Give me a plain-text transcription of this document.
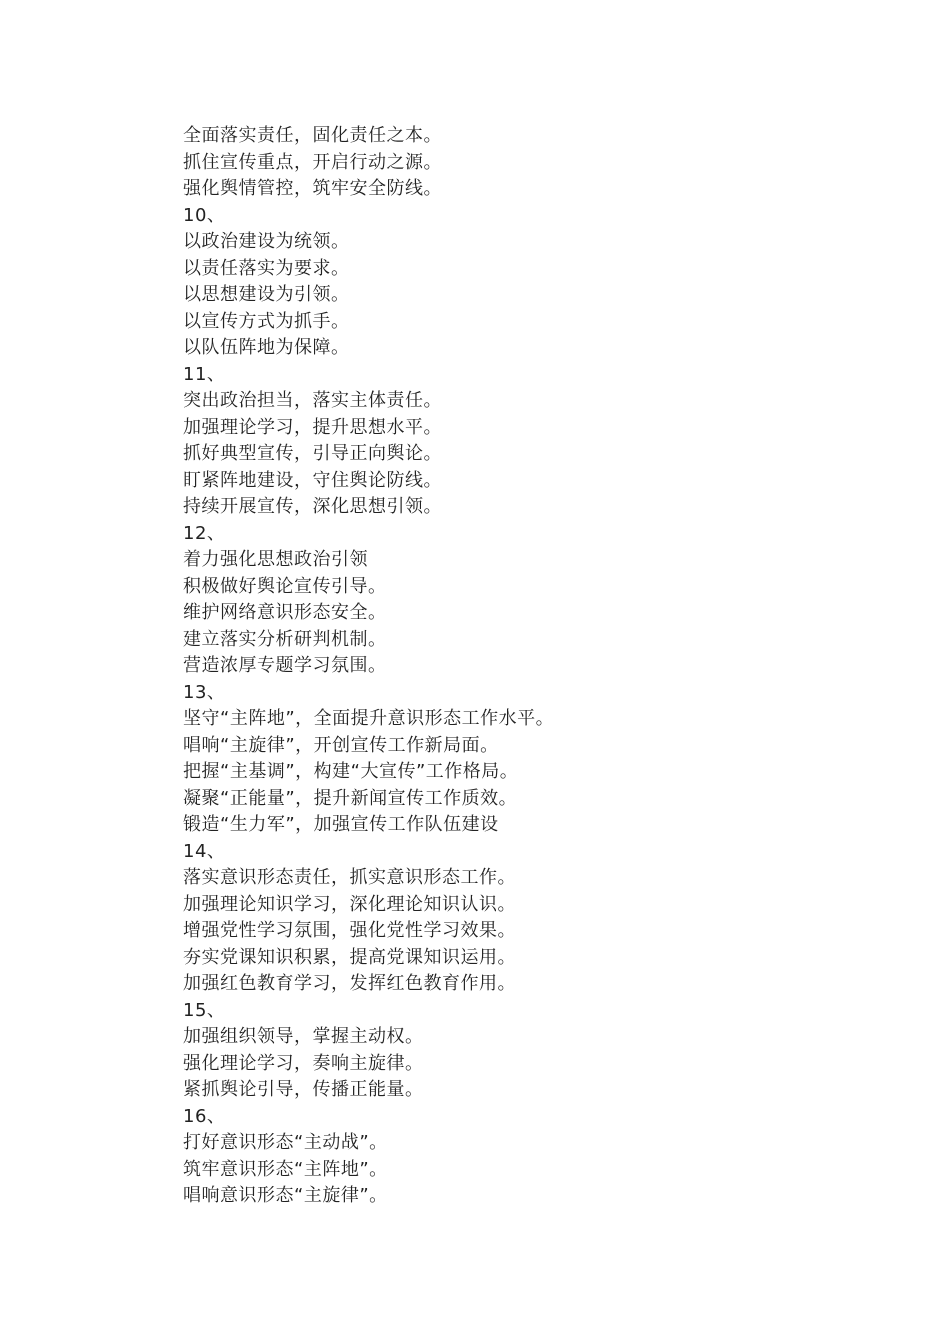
全面落实责任，固化责任之本。
抓住宣传重点，开启行动之源。
强化舆情管控，筑牢安全防线。
10、
以政治建设为统领。
以责任落实为要求。
以思想建设为引领。
以宣传方式为抓手。
以队伍阵地为保障。
11、
突出政治担当，落实主体责任。
加强理论学习，提升思想水平。
抓好典型宣传，引导正向舆论。
盯紧阵地建设，守住舆论防线。
持续开展宣传，深化思想引领。
12、
着力强化思想政治引领
积极做好舆论宣传引导。
维护网络意识形态安全。
建立落实分析研判机制。
营造浓厚专题学习氛围。
13、
坚守“主阵地”，全面提升意识形态工作水平。
唱响“主旋律”，开创宣传工作新局面。
把握“主基调”，构建“大宣传”工作格局。
凝聚“正能量”，提升新闻宣传工作质效。
锻造“生力军”，加强宣传工作队伍建设
14、
落实意识形态责任，抓实意识形态工作。
加强理论知识学习，深化理论知识认识。
增强党性学习氛围，强化党性学习效果。
夯实党课知识积累，提高党课知识运用。
加强红色教育学习，发挥红色教育作用。
15、
加强组织领导，掌握主动权。
强化理论学习，奏响主旋律。
紧抓舆论引导，传播正能量。
16、
打好意识形态“主动战”。
筑牢意识形态“主阵地”。
唱响意识形态“主旋律”。
